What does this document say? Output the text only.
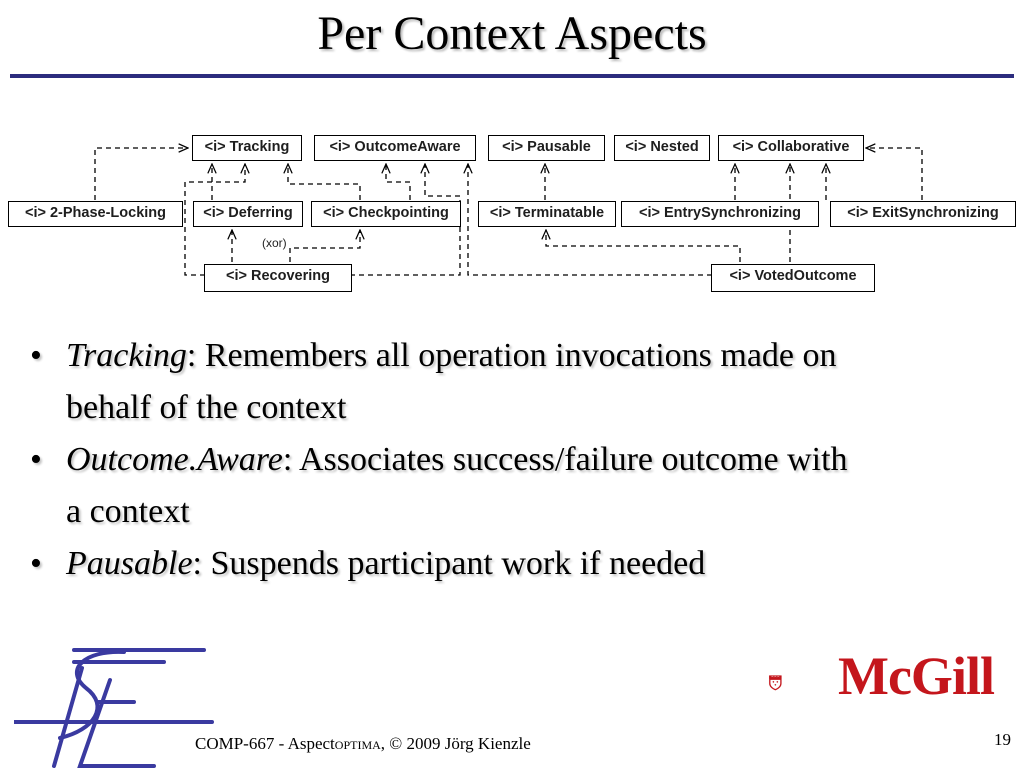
Per Context Aspects
<i> Tracking	<i> OutcomeAware	<i> Pausable	<i> Nested	<i> Collaborative
<i> 2-Phase-Locking	<i> Deferring	<i> Checkpointing	<i> Terminatable	<i> EntrySynchronizing	<i> ExitSynchronizing
<i> Recovering	<i> VotedOutcome
(xor)

• Tracking: Remembers all operation invocations made on
behalf of the context

• Outcome.Aware: Associates success/failure outcome with
a context

• Pausable: Suspends participant work if needed

McGill
COMP-667 - AspectOPTIMA, © 2009 Jörg Kienzle	19
